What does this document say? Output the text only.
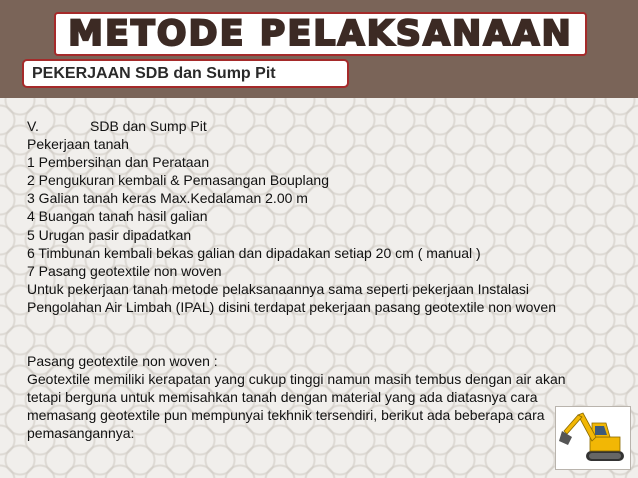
METODE PELAKSANAAN
PEKERJAAN SDB dan Sump Pit
V.	SDB dan Sump Pit
Pekerjaan tanah
1 Pembersihan dan Perataan
2 Pengukuran kembali & Pemasangan Bouplang
3 Galian tanah keras Max.Kedalaman 2.00 m
4 Buangan tanah hasil galian
5 Urugan pasir dipadatkan
6 Timbunan kembali bekas galian dan dipadakan setiap 20 cm ( manual )
7 Pasang geotextile non woven
Untuk pekerjaan tanah metode pelaksanaannya sama seperti pekerjaan Instalasi
Pengolahan Air Limbah (IPAL) disini terdapat pekerjaan pasang geotextile non woven
Pasang geotextile non woven :
Geotextile memiliki kerapatan yang cukup tinggi namun masih tembus dengan air akan
tetapi berguna untuk memisahkan tanah dengan material yang ada diatasnya cara
memasang geotextile pun mempunyai tekhnik tersendiri, berikut ada beberapa cara
pemasangannya:
